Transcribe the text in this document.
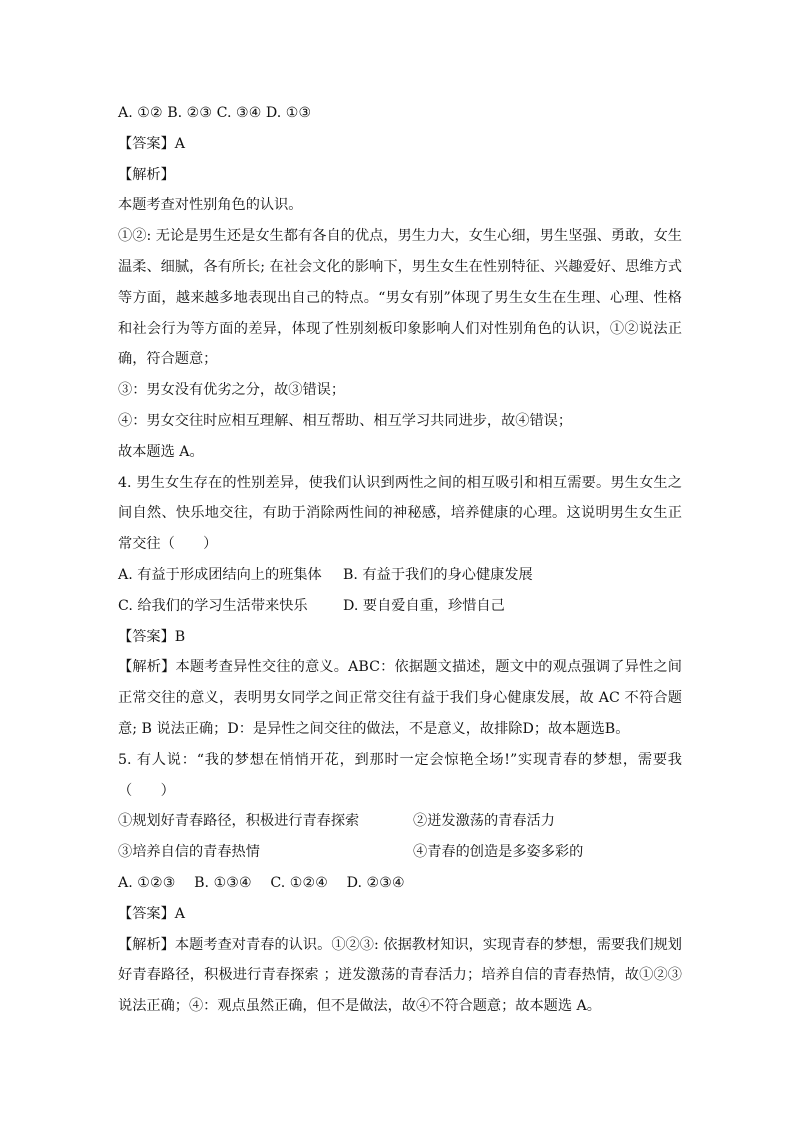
A. ①② B. ②③ C. ③④ D. ①③
【答案】A
【解析】
本题考查对性别角色的认识。
①②: 无论是男生还是女生都有各自的优点，男生力大，女生心细，男生坚强、勇敢，女生温柔、细腻，各有所长; 在社会文化的影响下，男生女生在性别特征、兴趣爱好、思维方式等方面，越来越多地表现出自己的特点。“男女有别”体现了男生女生在生理、心理、性格和社会行为等方面的差异，体现了性别刻板印象影响人们对性别角色的认识，①②说法正确，符合题意；
③：男女没有优劣之分，故③错误；
④：男女交往时应相互理解、相互帮助、相互学习共同进步，故④错误；
故本题选 A。
4. 男生女生存在的性别差异，使我们认识到两性之间的相互吸引和相互需要。男生女生之间自然、快乐地交往，有助于消除两性间的神秘感，培养健康的心理。这说明男生女生正常交往（　　）
A. 有益于形成团结向上的班集体	B. 有益于我们的身心健康发展
C. 给我们的学习生活带来快乐	D. 要自爱自重，珍惜自己
【答案】B
【解析】本题考查异性交往的意义。ABC：依据题文描述，题文中的观点强调了异性之间正常交往的意义，表明男女同学之间正常交往有益于我们身心健康发展，故 AC 不符合题意; B 说法正确；D：是异性之间交往的做法，不是意义，故排除D；故本题选B。
5. 有人说：“我的梦想在悄悄开花，到那时一定会惊艳全场!”实现青春的梦想，需要我（　　）
①规划好青春路径，积极进行青春探索	②迸发激荡的青春活力
③培养自信的青春热情	④青春的创造是多姿多彩的
A. ①②③　 B. ①③④　 C. ①②④　 D. ②③④
【答案】A
【解析】本题考查对青春的认识。①②③: 依据教材知识，实现青春的梦想，需要我们规划好青春路径，积极进行青春探索 ；迸发激荡的青春活力；培养自信的青春热情，故①②③说法正确；④：观点虽然正确，但不是做法，故④不符合题意；故本题选 A。
